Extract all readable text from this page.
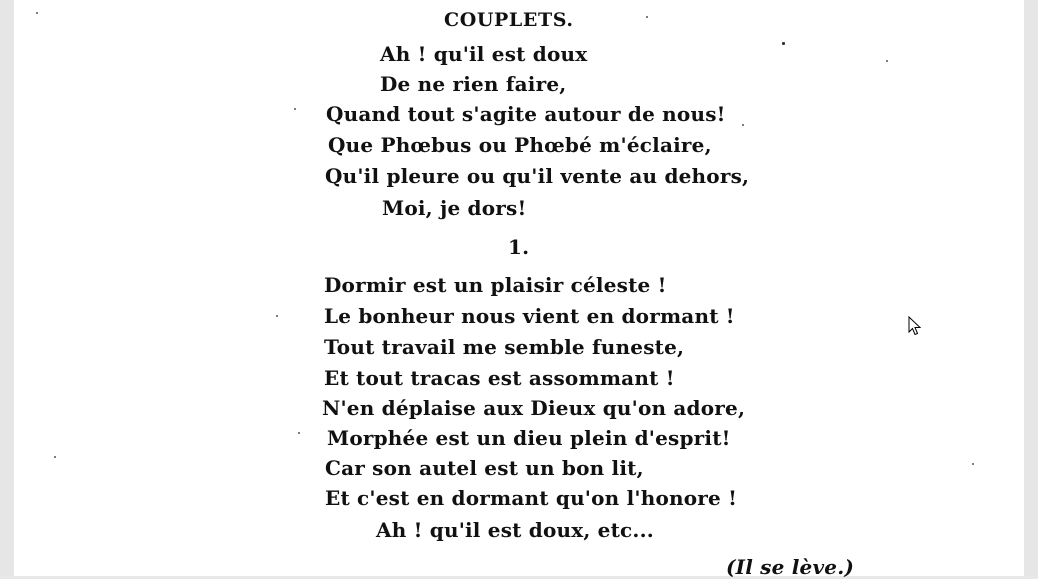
COUPLETS.
Ah ! qu'il est doux
De ne rien faire,
Quand tout s'agite autour de nous!
Que Phœbus ou Phœbé m'éclaire,
Qu'il pleure ou qu'il vente au dehors,
Moi, je dors!
1.
Dormir est un plaisir céleste !
Le bonheur nous vient en dormant !
Tout travail me semble funeste,
Et tout tracas est assommant !
N'en déplaise aux Dieux qu'on adore,
Morphée est un dieu plein d'esprit!
Car son autel est un bon lit,
Et c'est en dormant qu'on l'honore !
Ah ! qu'il est doux, etc...
(Il se lève.)
